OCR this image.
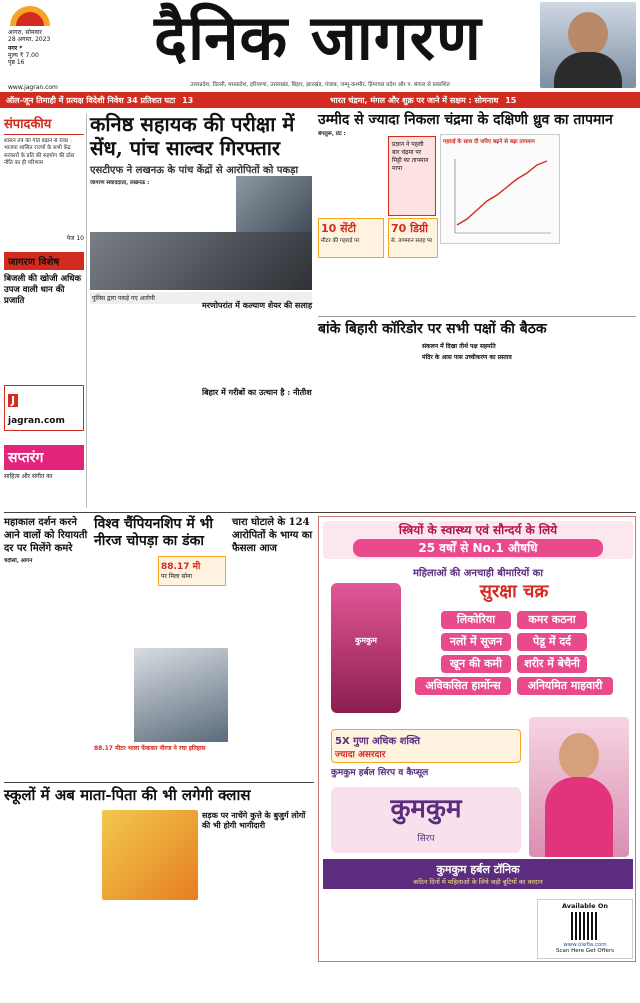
आगरा, सोमवार
28 अगस्त, 2023
नगर *
मूल्य ₹ 7.00
पृष्ठ 16
www.jagran.com
दैनिक जागरण
उत्तरप्रदेश, दिल्ली, मध्यप्रदेश, हरियाणा, उत्तराखंड, बिहार, झारखंड, पंजाब, जम्मू-कश्मीर, हिमाचल प्रदेश और प. बंगाल से प्रकाशित
ऑल-जून तिमाही में प्रत्यक्ष विदेशी निवेश 34 प्रतिशत घटा 13	भारत चंद्रमा, मंगल और शुक्र पर जाने में सक्षम : सोमनाथ 15
संपादकीय
शासन तंत्र की गति बढ़ाने से रोका : भाजपा शासित राज्यों के सभी केंद्र सरकारों के प्रति की सहयोग की ठोस नीति का ही परिणाम
पेज 10
जागरण विशेष
बिजली की खोजी अधिक उपज वाली धान की प्रजाति
J jagran.com
सप्तरंग
साहित्य और संगीत का
कनिष्ठ सहायक की परीक्षा में सेंध, पांच साल्वर गिरफ्तार
एसटीएफ ने लखनऊ के पांच केंद्रों से आरोपितों को पकड़ा
जागरण संवाददाता, लखनऊ :
पुलिस द्वारा पकड़े गए आरोपी
उम्मीद से ज्यादा निकला चंद्रमा के दक्षिणी ध्रुव का तापमान
बेंगलुरू, प्रेट :
प्रज्ञान ने पहली बार चंद्रमा पर मिट्टी का तापमान मापा
गहराई के साथ दी जरिए बढ़ने से बढ़ा तापमान
70 डिग्री
से. तापमान सतह पर
10 सेंटी
मीटर की गहराई पर
बांके बिहारी कॉरिडोर पर सभी पक्षों की बैठक
संकलन में दिखा तीर्थ पक्ष सहमति
मंदिर के आस पास उच्चीकरण का प्रस्ताव
मरणोपरांत में कल्याण शेयर की सलाह
बिहार में गरीबों का उत्थान है : नीतीश
महाकाल दर्शन करने आने वालों को रियायती दर पर मिलेंगे कमरे
चंदौसी, आंगन
विश्व चैंपियनशिप में भी नीरज चोपड़ा का डंका
88.17 मी
पर मिला सोना
88.17 मीटर भाला फेंककर नीरज ने रचा इतिहास
चारा घोटाले के 124 आरोपितों के भाग्य का फैसला आज
स्त्रियों के स्वास्थ्य एवं सौन्दर्य के लिये
25 वर्षों से No.1 औषधि
महिलाओं की अनचाही बीमारियों का
सुरक्षा चक्र
कुमकुम
लिकोरिया	कमर कठना
नलों में सूजन	पेडू में दर्द
खून की कमी	शरीर में बेचैनी
अविकसित हार्मोन्स	अनियमित माहवारी
5X गुणा अधिक शक्ति
ज्यादा असरदार
कुमकुम हर्बल सिरप व कैप्सूल
कुमकुम
सिरप
कुमकुम हर्बल टॉनिक
कठिन दिनों में महिलाओं के लिये जड़ी बूटियों का वरदान
Available On
www.olefia.com
Scan Here Get Offers
स्कूलों में अब माता-पिता की भी लगेगी क्लास
सड़क पर नाचेंगे कुत्ते के बुजुर्ग लोगों की भी होगी भागीदारी
